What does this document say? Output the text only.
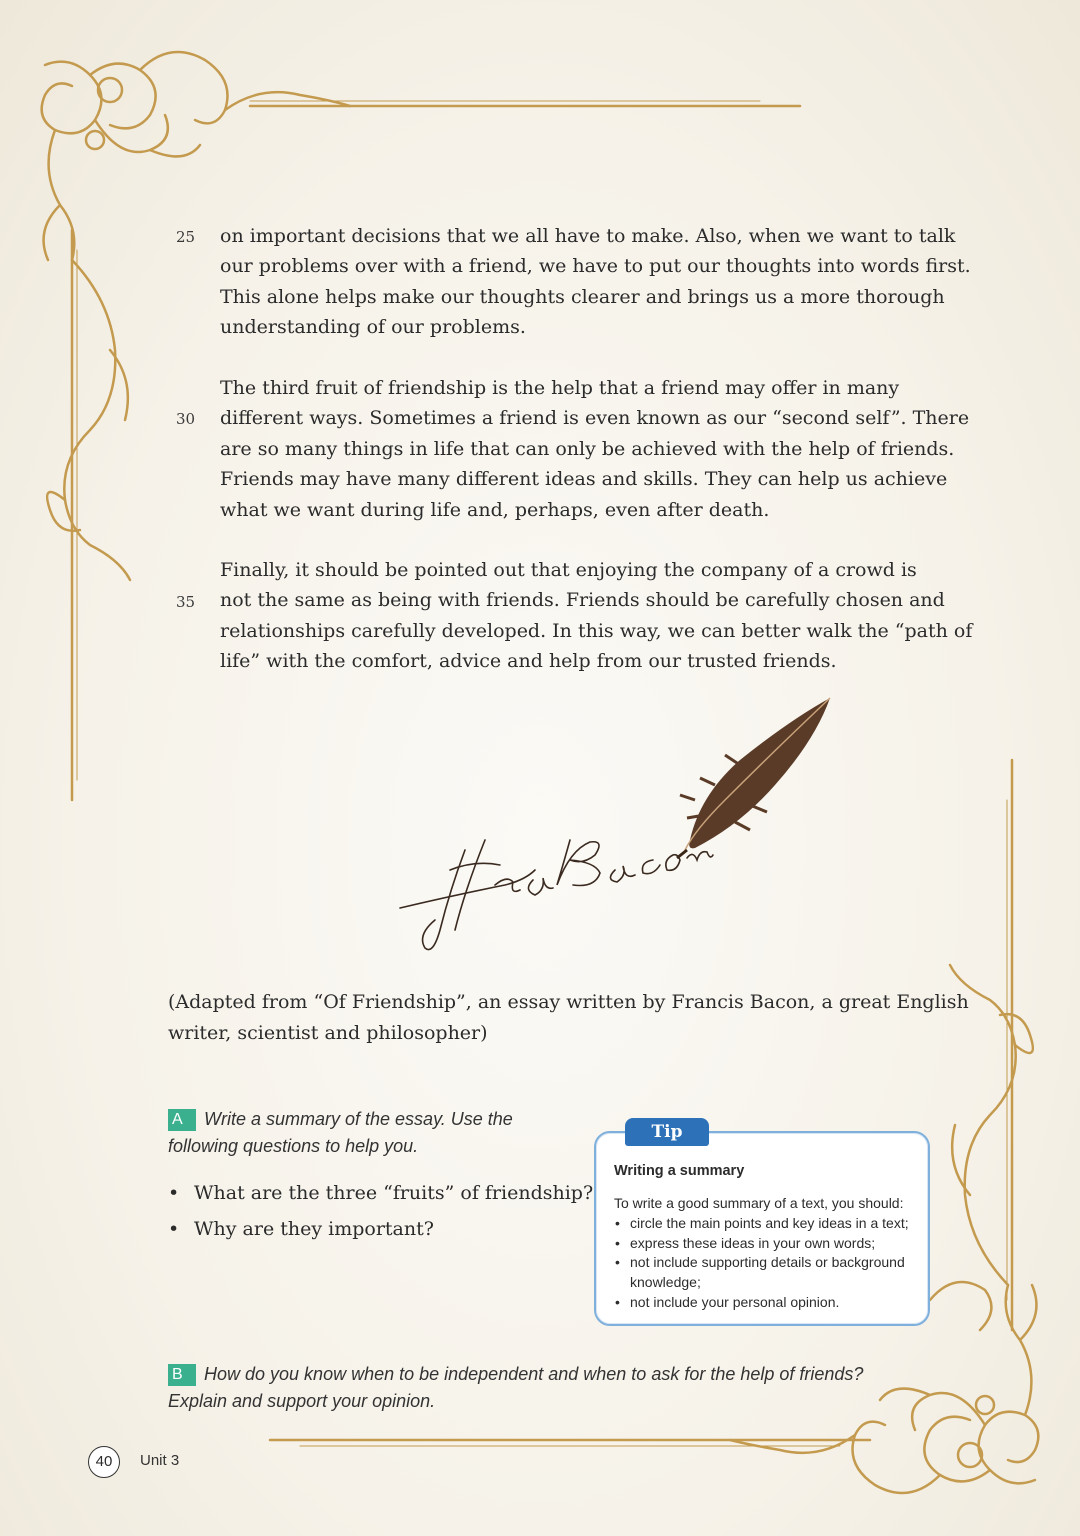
25 on important decisions that we all have to make. Also, when we want to talk
our problems over with a friend, we have to put our thoughts into words first.
This alone helps make our thoughts clearer and brings us a more thorough
understanding of our problems.
30
The third fruit of friendship is the help that a friend may offer in many
different ways. Sometimes a friend is even known as our “second self”. There
are so many things in life that can only be achieved with the help of friends.
Friends may have many different ideas and skills. They can help us achieve
what we want during life and, perhaps, even after death.
35
Finally, it should be pointed out that enjoying the company of a crowd is
not the same as being with friends. Friends should be carefully chosen and
relationships carefully developed. In this way, we can better walk the “path of
life” with the comfort, advice and help from our trusted friends.
(Adapted from “Of Friendship”, an essay written by Francis Bacon, a great English
writer, scientist and philosopher)
A Write a summary of the essay. Use the
following questions to help you.
• What are the three “fruits” of friendship?
• Why are they important?
Writing a summary
To write a good summary of a text, you should:
• circle the main points and key ideas in a text;
• express these ideas in your own words;
• not include supporting details or background knowledge;
• not include your personal opinion.
Tip
B How do you know when to be independent and when to ask for the help of friends?
Explain and support your opinion.
40	Unit 3
